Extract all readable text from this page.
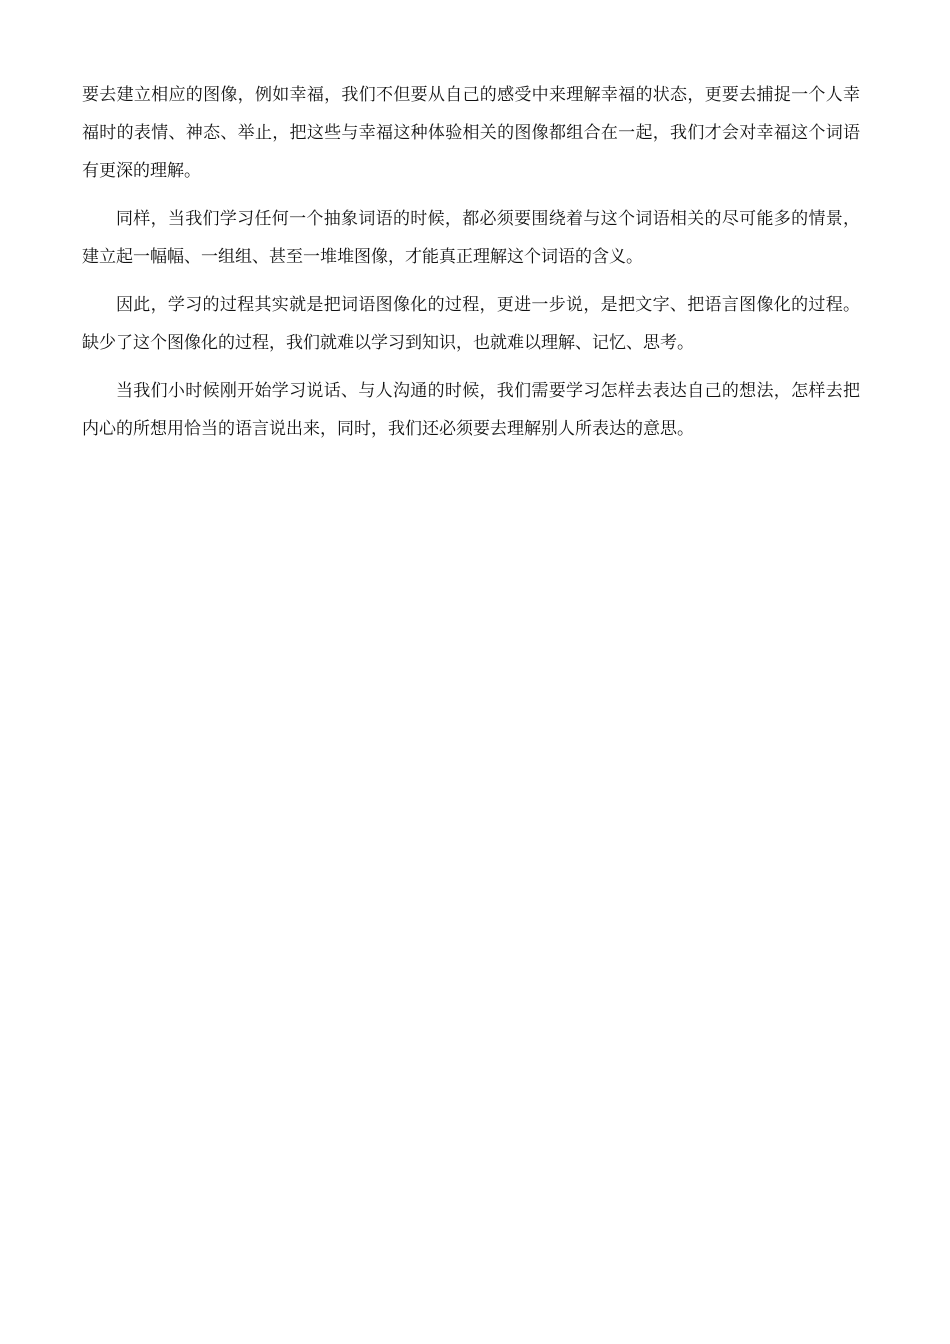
要去建立相应的图像，例如幸福，我们不但要从自己的感受中来理解幸福的状态，更要去捕捉一个人幸福时的表情、神态、举止，把这些与幸福这种体验相关的图像都组合在一起，我们才会对幸福这个词语有更深的理解。

同样，当我们学习任何一个抽象词语的时候，都必须要围绕着与这个词语相关的尽可能多的情景，建立起一幅幅、一组组、甚至一堆堆图像，才能真正理解这个词语的含义。

因此，学习的过程其实就是把词语图像化的过程，更进一步说，是把文字、把语言图像化的过程。缺少了这个图像化的过程，我们就难以学习到知识，也就难以理解、记忆、思考。

当我们小时候刚开始学习说话、与人沟通的时候，我们需要学习怎样去表达自己的想法，怎样去把内心的所想用恰当的语言说出来，同时，我们还必须要去理解别人所表达的意思。
